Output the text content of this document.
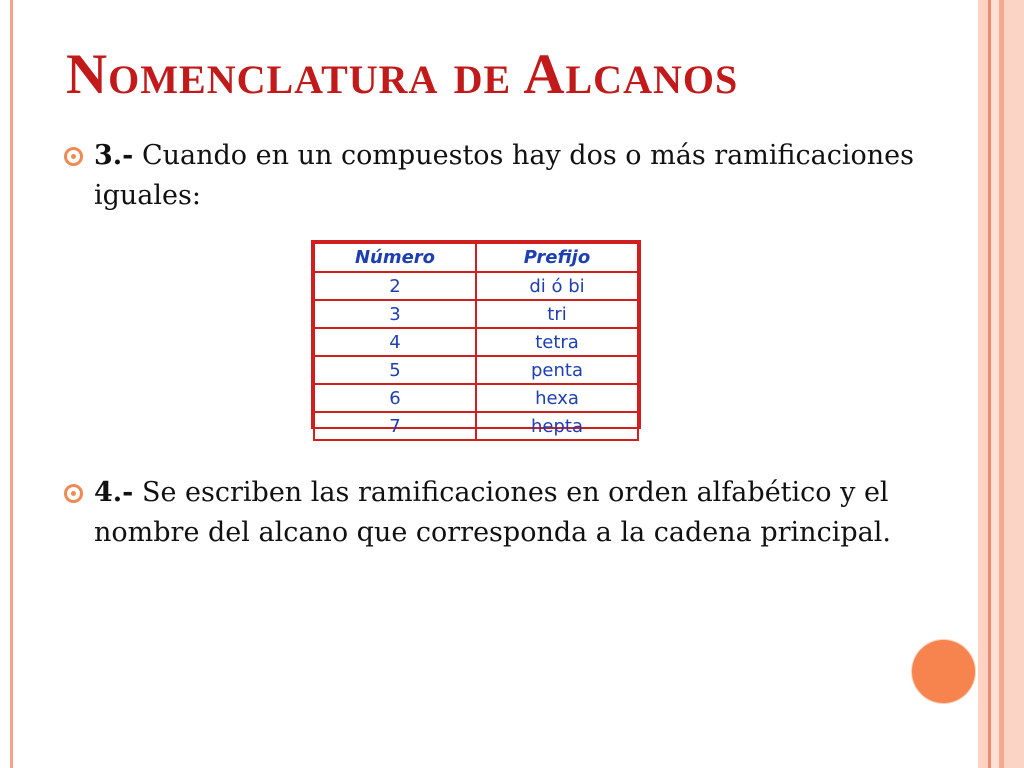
Nomenclatura de Alcanos

3.- Cuando en un compuestos hay dos o más ramificaciones iguales:

Número	Prefijo
2	di ó bi
3	tri
4	tetra
5	penta
6	hexa
7	hepta

4.- Se escriben las ramificaciones en orden alfabético y el nombre del alcano que corresponda a la cadena principal.
